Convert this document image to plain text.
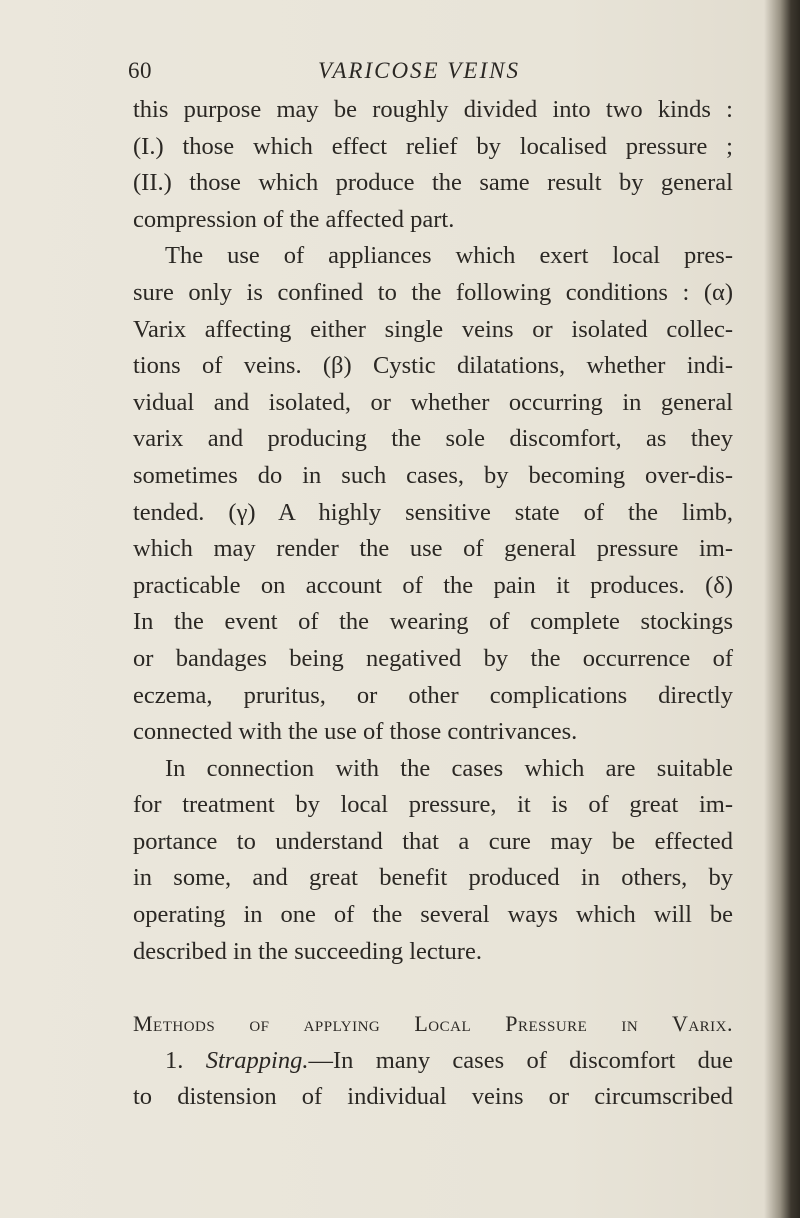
60	VARICOSE VEINS
this purpose may be roughly divided into two kinds :
(I.) those which effect relief by localised pressure ;
(II.) those which produce the same result by general
compression of the affected part.
The use of appliances which exert local pres-
sure only is confined to the following conditions : (α)
Varix affecting either single veins or isolated collec-
tions of veins. (β) Cystic dilatations, whether indi-
vidual and isolated, or whether occurring in general
varix and producing the sole discomfort, as they
sometimes do in such cases, by becoming over-dis-
tended. (γ) A highly sensitive state of the limb,
which may render the use of general pressure im-
practicable on account of the pain it produces. (δ)
In the event of the wearing of complete stockings
or bandages being negatived by the occurrence of
eczema, pruritus, or other complications directly
connected with the use of those contrivances.
In connection with the cases which are suitable
for treatment by local pressure, it is of great im-
portance to understand that a cure may be effected
in some, and great benefit produced in others, by
operating in one of the several ways which will be
described in the succeeding lecture.
Methods of applying Local Pressure in Varix.
1. Strapping.—In many cases of discomfort due
to distension of individual veins or circumscribed
